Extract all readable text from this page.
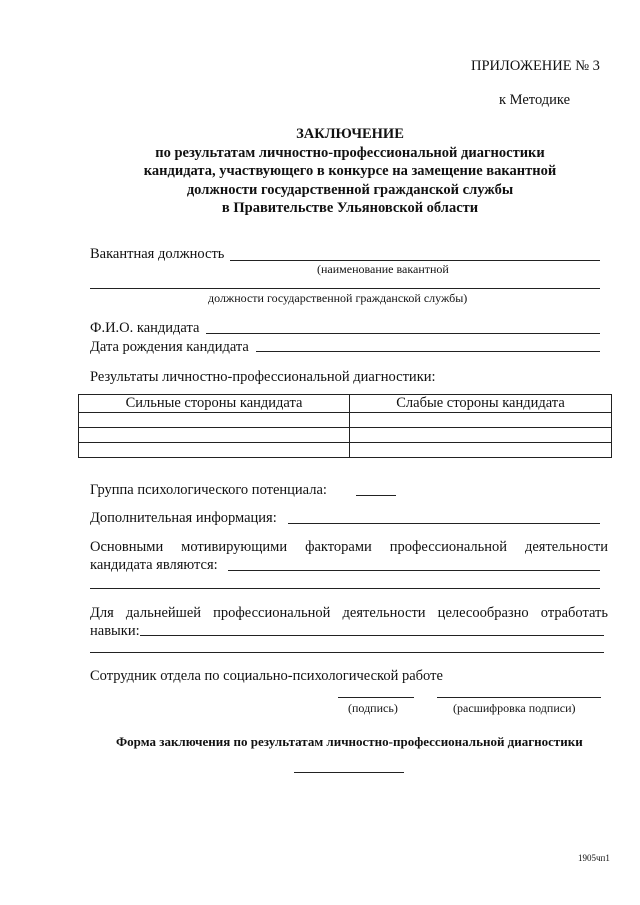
ПРИЛОЖЕНИЕ № 3
к Методике
ЗАКЛЮЧЕНИЕ
по результатам личностно-профессиональной диагностики
кандидата, участвующего в конкурсе на замещение вакантной
должности государственной гражданской службы
в Правительстве Ульяновской области
Вакантная должность
(наименование вакантной
должности государственной гражданской службы)
Ф.И.О. кандидата
Дата рождения кандидата
Результаты личностно-профессиональной диагностики:
Сильные стороны кандидата	Слабые стороны кандидата

Группа психологического потенциала:
Дополнительная информация:
Основными мотивирующими факторами профессиональной деятельности
кандидата являются:
Для дальнейшей профессиональной деятельности целесообразно отработать
навыки:
Сотрудник отдела по социально-психологической работе
(подпись)	(расшифровка подписи)
Форма заключения по результатам личностно-профессиональной диагностики
1905чп1
